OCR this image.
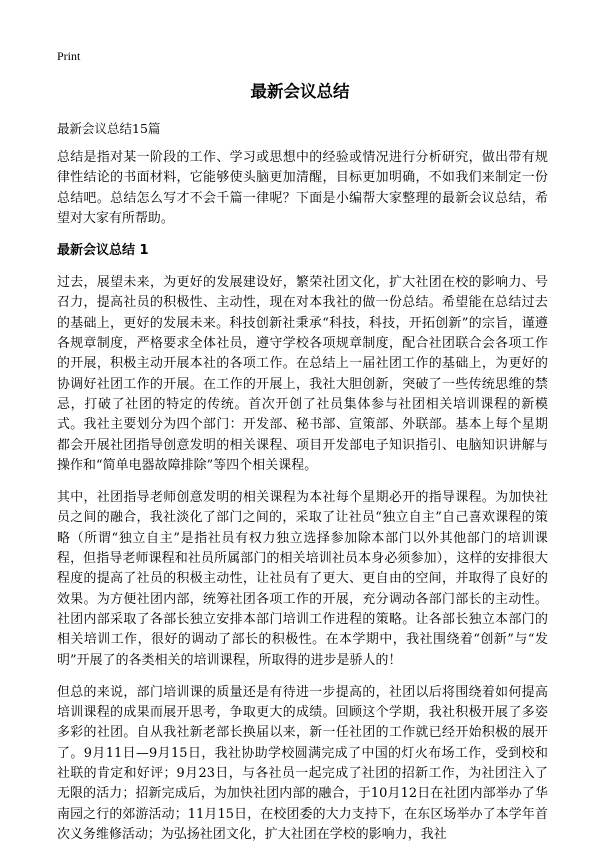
Print
最新会议总结

最新会议总结15篇

总结是指对某一阶段的工作、学习或思想中的经验或情况进行分析研究，做出带有规律性结论的书面材料，它能够使头脑更加清醒，目标更加明确，不如我们来制定一份总结吧。总结怎么写才不会千篇一律呢？下面是小编帮大家整理的最新会议总结，希望对大家有所帮助。

最新会议总结 1

过去，展望未来，为更好的发展建设好，繁荣社团文化，扩大社团在校的影响力、号召力，提高社员的积极性、主动性，现在对本我社的做一份总结。希望能在总结过去的基础上，更好的发展未来。科技创新社秉承“科技，科技，开拓创新”的宗旨，谨遵各规章制度，严格要求全体社员，遵守学校各项规章制度，配合社团联合会各项工作的开展，积极主动开展本社的各项工作。在总结上一届社团工作的基础上，为更好的协调好社团工作的开展。在工作的开展上，我社大胆创新，突破了一些传统思维的禁忌，打破了社团的特定的传统。首次开创了社员集体参与社团相关培训课程的新模式。我社主要划分为四个部门：开发部、秘书部、宣策部、外联部。基本上每个星期都会开展社团指导创意发明的相关课程、项目开发部电子知识指引、电脑知识讲解与操作和“简单电器故障排除”等四个相关课程。

其中，社团指导老师创意发明的相关课程为本社每个星期必开的指导课程。为加快社员之间的融合，我社淡化了部门之间的，采取了让社员“独立自主”自己喜欢课程的策略（所谓“独立自主”是指社员有权力独立选择参加除本部门以外其他部门的培训课程，但指导老师课程和社员所属部门的相关培训社员本身必须参加），这样的安排很大程度的提高了社员的积极主动性，让社员有了更大、更自由的空间，并取得了良好的效果。为方便社团内部，统筹社团各项工作的开展，充分调动各部门部长的主动性。社团内部采取了各部长独立安排本部门培训工作进程的策略。让各部长独立本部门的相关培训工作，很好的调动了部长的积极性。在本学期中，我社围绕着“创新”与“发明”开展了的各类相关的培训课程，所取得的进步是骄人的！

但总的来说，部门培训课的质量还是有待进一步提高的，社团以后将围绕着如何提高培训课程的成果而展开思考，争取更大的成绩。回顾这个学期，我社积极开展了多姿多彩的社团。自从我社新老部长换届以来，新一任社团的工作就已经开始积极的展开了。9月11日—9月15日，我社协助学校圆满完成了中国的灯火布场工作，受到校和社联的肯定和好评；9月23日，与各社员一起完成了社团的招新工作，为社团注入了无限的活力；招新完成后，为加快社团内部的融合，于10月12日在社团内部举办了华南园之行的郊游活动；11月15日，在校团委的大力支持下，在东区场举办了本学年首次义务维修活动；为弘扬社团文化，扩大社团在学校的影响力，我社
